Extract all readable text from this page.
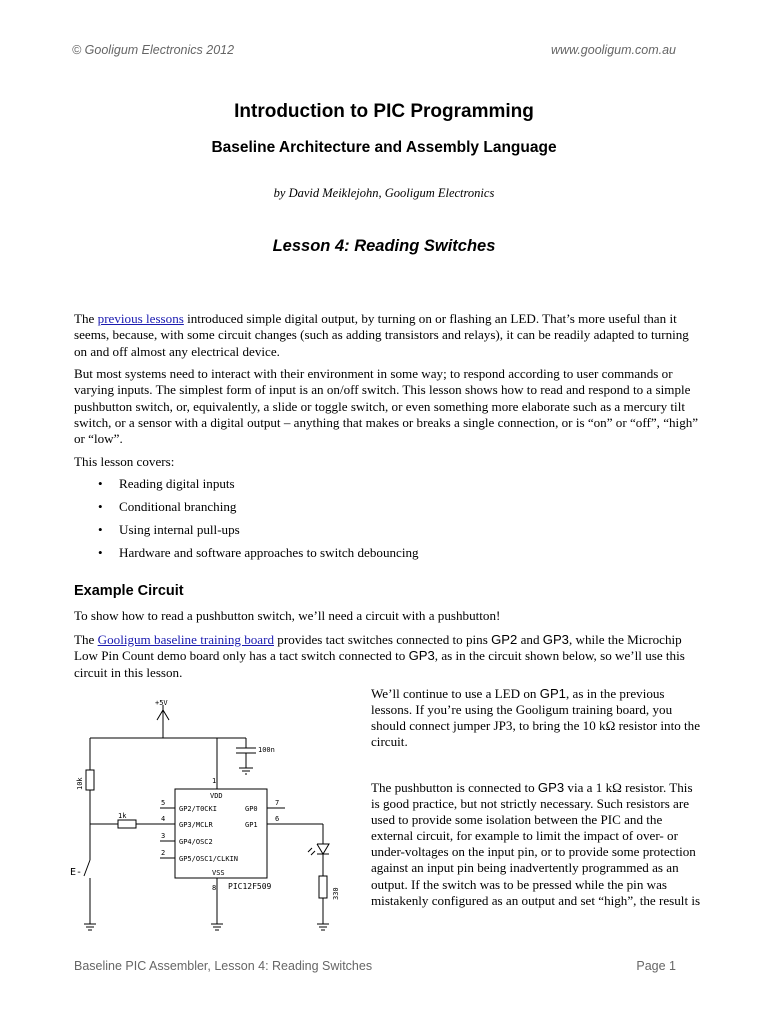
© Gooligum Electronics 2012	www.gooligum.com.au
Introduction to PIC Programming
Baseline Architecture and Assembly Language
by David Meiklejohn, Gooligum Electronics
Lesson 4: Reading Switches

The previous lessons introduced simple digital output, by turning on or flashing an LED. That’s more useful than it seems, because, with some circuit changes (such as adding transistors and relays), it can be readily adapted to turning on and off almost any electrical device.

But most systems need to interact with their environment in some way; to respond according to user commands or varying inputs. The simplest form of input is an on/off switch. This lesson shows how to read and respond to a simple pushbutton switch, or, equivalently, a slide or toggle switch, or even something more elaborate such as a mercury tilt switch, or a sensor with a digital output – anything that makes or breaks a single connection, or is “on” or “off”, “high” or “low”.
This lesson covers:
• Reading digital inputs
• Conditional branching
• Using internal pull-ups
• Hardware and software approaches to switch debouncing
Example Circuit
To show how to read a pushbutton switch, we’ll need a circuit with a pushbutton!

The Gooligum baseline training board provides tact switches connected to pins GP2 and GP3, while the Microchip Low Pin Count demo board only has a tact switch connected to GP3, as in the circuit shown below, so we’ll use this circuit in this lesson.

We’ll continue to use a LED on GP1, as in the previous lessons. If you’re using the Gooligum training board, you should connect jumper JP3, to bring the 10 kΩ resistor into the circuit.

The pushbutton is connected to GP3 via a 1 kΩ resistor. This is good practice, but not strictly necessary. Such resistors are used to provide some isolation between the PIC and the external circuit, for example to limit the impact of over- or under-voltages on the input pin, or to provide some protection against an input pin being inadvertently programmed as an output. If the switch was to be pressed while the pin was mistakenly configured as an output and set “high”, the result is

+5V
100n
10k
1k
330
E-
VDD
1
VSS
8
GP2/T0CKI
GP3/MCLR
GP4/OSC2
GP5/OSC1/CLKIN
5
4
3
2
GP0
GP1
7
6
PIC12F509
Baseline PIC Assembler, Lesson 4: Reading Switches	Page 1
